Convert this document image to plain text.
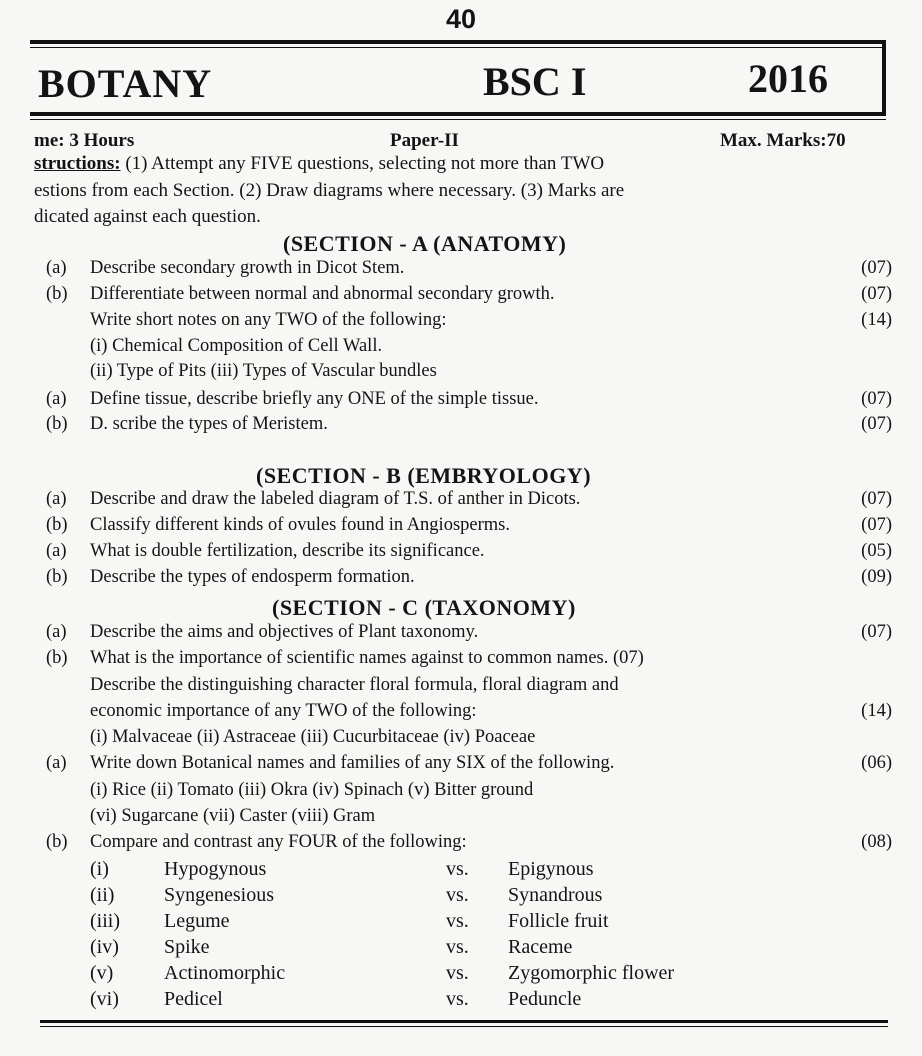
40
BOTANY	BSC I	2016
me: 3 Hours	Paper-II	Max. Marks:70
structions: (1) Attempt any FIVE questions, selecting not more than TWO
estions from each Section. (2) Draw diagrams where necessary. (3) Marks are
dicated against each question.
(SECTION - A (ANATOMY)
(SECTION - B (EMBRYOLOGY)
(SECTION - C (TAXONOMY)
(a) Describe secondary growth in Dicot Stem.	(07)
(b) Differentiate between normal and abnormal secondary growth.	(07)
Write short notes on any TWO of the following:	(14)
(i) Chemical Composition of Cell Wall.
(ii) Type of Pits (iii) Types of Vascular bundles
(a) Define tissue, describe briefly any ONE of the simple tissue.	(07)
(b) D. scribe the types of Meristem.	(07)
(a) Describe and draw the labeled diagram of T.S. of anther in Dicots.	(07)
(b) Classify different kinds of ovules found in Angiosperms.	(07)
(a) What is double fertilization, describe its significance.	(05)
(b) Describe the types of endosperm formation.	(09)
(a) Describe the aims and objectives of Plant taxonomy.	(07)
(b) What is the importance of scientific names against to common names. (07)
Describe the distinguishing character floral formula, floral diagram and
economic importance of any TWO of the following:	(14)
(i) Malvaceae (ii) Astraceae (iii) Cucurbitaceae (iv) Poaceae
(a) Write down Botanical names and families of any SIX of the following.	(06)
(i) Rice (ii) Tomato (iii) Okra (iv) Spinach (v) Bitter ground
(vi) Sugarcane (vii) Caster (viii) Gram
(b) Compare and contrast any FOUR of the following:	(08)
(i)	Hypogynous	vs. Epigynous
(ii) Syngenesious	vs. Synandrous
(iii) Legume	vs. Follicle fruit
(iv) Spike	vs. Raceme
(v)	Actinomorphic	vs. Zygomorphic flower
(vi) Pedicel	vs. Peduncle
